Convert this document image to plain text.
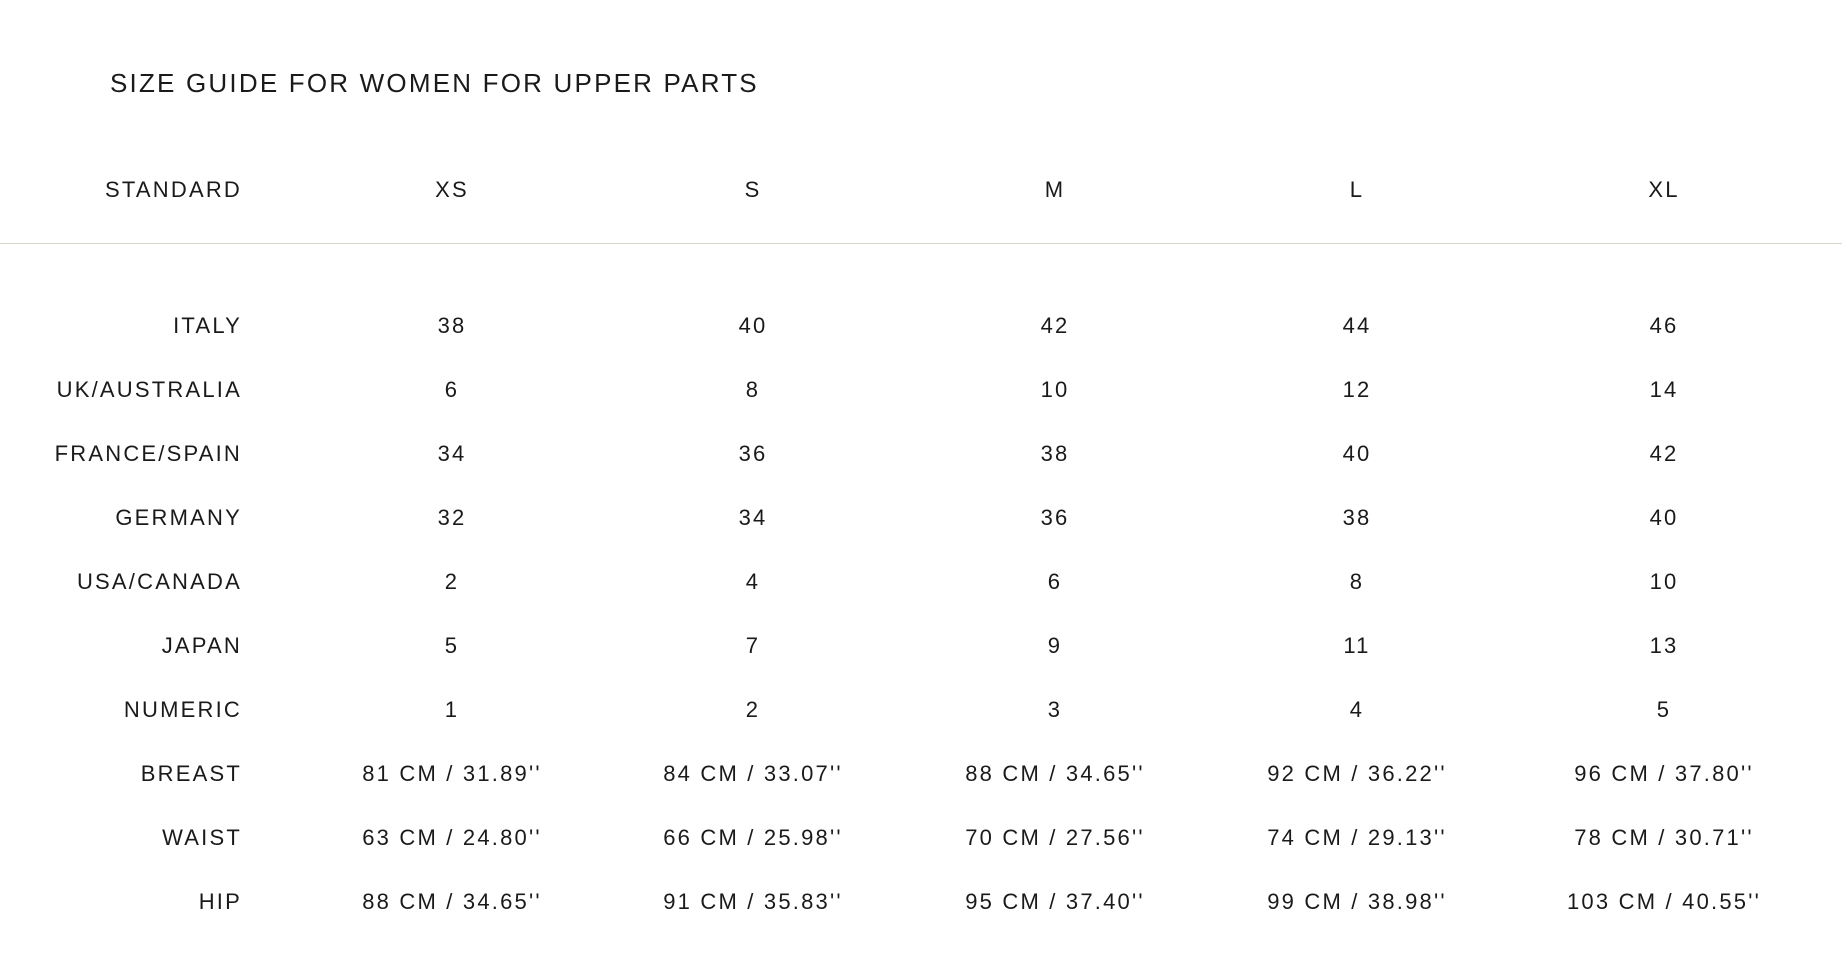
SIZE GUIDE FOR WOMEN FOR UPPER PARTS
STANDARD	XS	S	M	L	XL
ITALY	38	40	42	44	46
UK/AUSTRALIA	6	8	10	12	14
FRANCE/SPAIN	34	36	38	40	42
GERMANY	32	34	36	38	40
USA/CANADA	2	4	6	8	10
JAPAN	5	7	9	11	13
NUMERIC	1	2	3	4	5
BREAST	81 CM / 31.89''	84 CM / 33.07''	88 CM / 34.65''	92 CM / 36.22''	96 CM / 37.80''
WAIST	63 CM / 24.80''	66 CM / 25.98''	70 CM / 27.56''	74 CM / 29.13''	78 CM / 30.71''
HIP	88 CM / 34.65''	91 CM / 35.83''	95 CM / 37.40''	99 CM / 38.98''	103 CM / 40.55''
